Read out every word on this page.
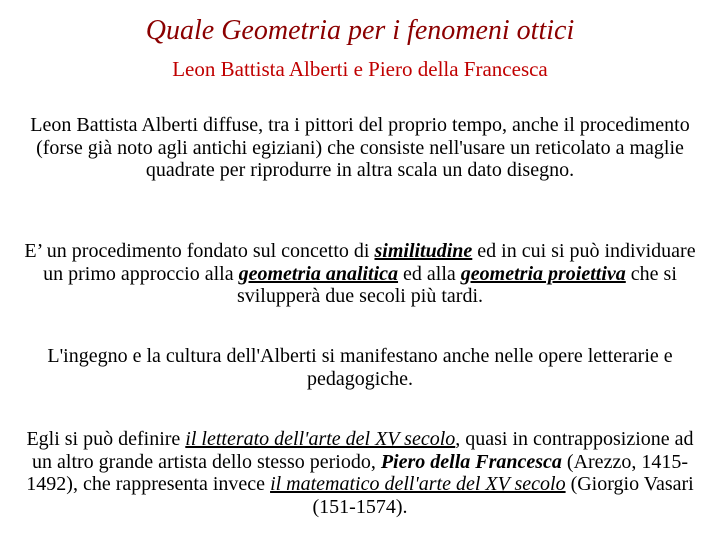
Quale Geometria per i fenomeni ottici
Leon Battista Alberti e Piero della Francesca
Leon Battista Alberti diffuse, tra i pittori del proprio tempo, anche il procedimento (forse già noto agli antichi egiziani) che consiste nell'usare un reticolato a maglie quadrate per riprodurre in altra scala un dato disegno.
E’ un procedimento fondato sul concetto di similitudine ed in cui si può individuare un primo approccio alla geometria analitica ed alla geometria proiettiva che si svilupperà due secoli più tardi.
L'ingegno e la cultura dell'Alberti si manifestano anche nelle opere letterarie e pedagogiche.
Egli si può definire il letterato dell'arte del XV secolo, quasi in contrapposizione ad un altro grande artista dello stesso periodo, Piero della Francesca (Arezzo, 1415-1492), che rappresenta invece il matematico dell'arte del XV secolo (Giorgio Vasari (151-1574).
